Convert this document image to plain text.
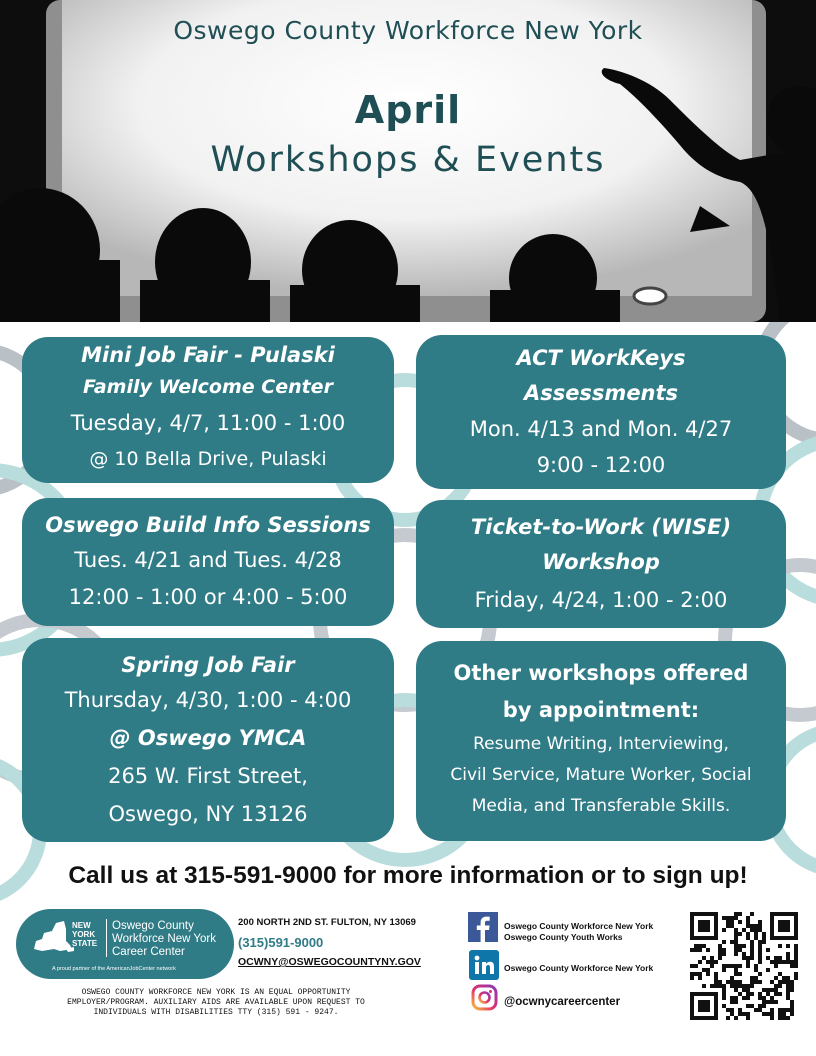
Oswego County Workforce New York
April
Workshops & Events
Mini Job Fair - Pulaski
Family Welcome Center
Tuesday, 4/7, 11:00 - 1:00
@ 10 Bella Drive, Pulaski
ACT WorkKeys
Assessments
Mon. 4/13 and Mon. 4/27
9:00 - 12:00
Oswego Build Info Sessions
Tues. 4/21 and Tues. 4/28
12:00 - 1:00 or 4:00 - 5:00
Ticket-to-Work (WISE)
Workshop
Friday, 4/24, 1:00 - 2:00
Spring Job Fair
Thursday, 4/30, 1:00 - 4:00
@ Oswego YMCA
265 W. First Street,
Oswego, NY 13126
Other workshops offered
by appointment:
Resume Writing, Interviewing,
Civil Service, Mature Worker, Social
Media, and Transferable Skills.
Call us at 315-591-9000 for more information or to sign up!
NEW
YORK
STATE
Oswego County
Workforce New York
Career Center
A proud partner of the AmericanJobCenter network
200 NORTH 2ND ST. FULTON, NY 13069
(315)591-9000
OCWNY@OSWEGOCOUNTYNY.GOV
OSWEGO COUNTY WORKFORCE NEW YORK IS AN EQUAL OPPORTUNITY
EMPLOYER/PROGRAM. AUXILIARY AIDS ARE AVAILABLE UPON REQUEST TO
INDIVIDUALS WITH DISABILITIES TTY (315) 591 - 9247.
Oswego County Workforce New York
Oswego County Youth Works
Oswego County Workforce New York
@ocwnycareercenter
